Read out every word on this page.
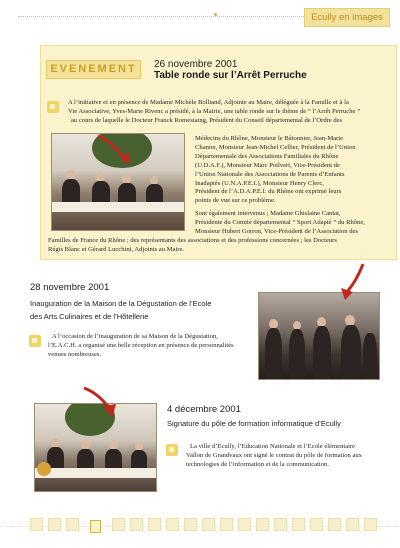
Ecully en images
EVENEMENT	26 novembre 2001
Table ronde sur l’Arrêt Perruche
A l’initiative et en présence de Madame Michèle Bolliand, Adjointe au Maire, déléguée à la Famille et à la
Vie Associative, Yves-Marie Rivenc a présidé, à la Mairie, une table ronde sur le thème de “ l’Arrêt Perruche ”
au cours de laquelle le Docteur Franck Romestaing, Président du Conseil départemental de l’Ordre des
Médecins du Rhône, Monsieur le Bâtonnier, Jean-Marie
Chanon, Monsieur Jean-Michel Cellier, Président de l’Union
Départementale des Associations Familiales du Rhône
(U.D.A.F.), Monsieur Marc Poilvert, Vice-Président de
l’Union Nationale des Associations de Parents d’Enfants
Inadaptés (U.N.A.P.E.I.), Monsieur Henry Clerc,
Président de l’A.D.A.P.E.I. du Rhône ont exprimé leurs
points de vue sur ce problème.
Sont également intervenus ; Madame Ghislaine Cantat,
Présidente du Comité départemental “ Sport Adapté ” du Rhône,
Monsieur Hubert Gorron, Vice-Président de l’Association des
Familles de France du Rhône ; des représentants des associations et des professions concernées ; les Docteurs
Régis Blanc et Gérard Lucchini, Adjoints au Maire.
28 novembre 2001
Inauguration de la Maison de la Dégustation de l’Ecole
des Arts Culinaires et de l’Hôtellerie
A l’occasion de l’inauguration de sa Maison de la Dégustation,
l’E.A.C.H. a organisé une belle réception en présence de personnalités
venues nombreuses.
4 décembre 2001
Signature du pôle de formation informatique d’Ecully
La ville d’Ecully, l’Education Nationale et l’Ecole élémentaire
Vallon de Grandvaux ont signé le contrat du pôle de formation aux
technologies de l’information et de la communication.
